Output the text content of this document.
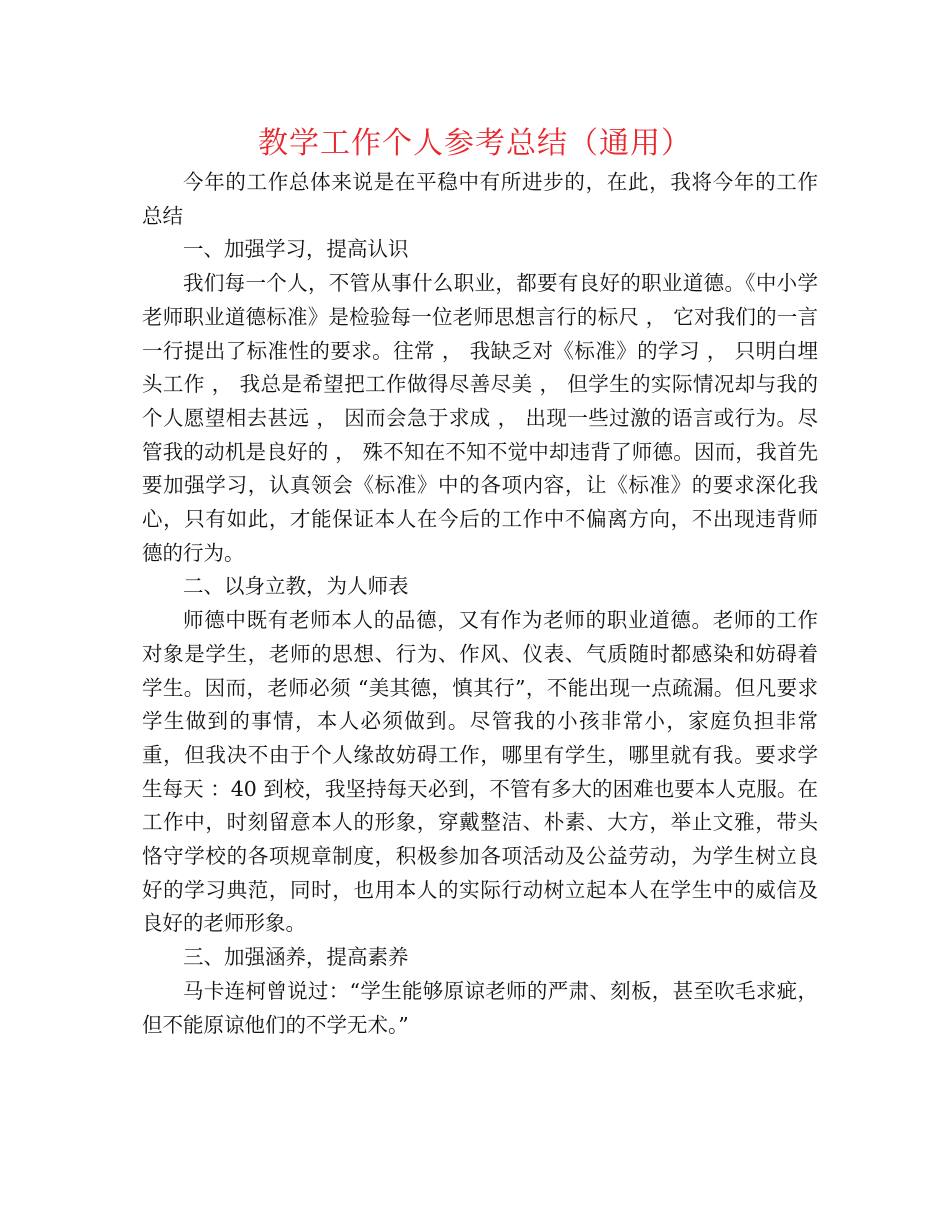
教学工作个人参考总结（通用）

今年的工作总体来说是在平稳中有所进步的，在此，我将今年的工作总结

一、加强学习，提高认识

我们每一个人，不管从事什么职业，都要有良好的职业道德。《中小学老师职业道德标准》是检验每一位老师思想言行的标尺 ， 它对我们的一言一行提出了标准性的要求。往常 ， 我缺乏对《标准》的学习 ， 只明白埋头工作 ， 我总是希望把工作做得尽善尽美 ， 但学生的实际情况却与我的个人愿望相去甚远 ， 因而会急于求成 ， 出现一些过激的语言或行为。尽管我的动机是良好的 ， 殊不知在不知不觉中却违背了师德。因而，我首先要加强学习，认真领会《标准》中的各项内容，让《标准》的要求深化我心，只有如此，才能保证本人在今后的工作中不偏离方向，不出现违背师德的行为。

二、以身立教，为人师表

师德中既有老师本人的品德，又有作为老师的职业道德。老师的工作对象是学生，老师的思想、行为、作风、仪表、气质随时都感染和妨碍着学生。因而，老师必须 “美其德，慎其行”，不能出现一点疏漏。但凡要求学生做到的事情，本人必须做到。尽管我的小孩非常小，家庭负担非常重，但我决不由于个人缘故妨碍工作，哪里有学生，哪里就有我。要求学生每天 ：40 到校，我坚持每天必到，不管有多大的困难也要本人克服。在工作中，时刻留意本人的形象，穿戴整洁、朴素、大方，举止文雅，带头恪守学校的各项规章制度，积极参加各项活动及公益劳动，为学生树立良好的学习典范，同时，也用本人的实际行动树立起本人在学生中的威信及良好的老师形象。

三、加强涵养，提高素养

马卡连柯曾说过：“学生能够原谅老师的严肃、刻板，甚至吹毛求疵，但不能原谅他们的不学无术。”
